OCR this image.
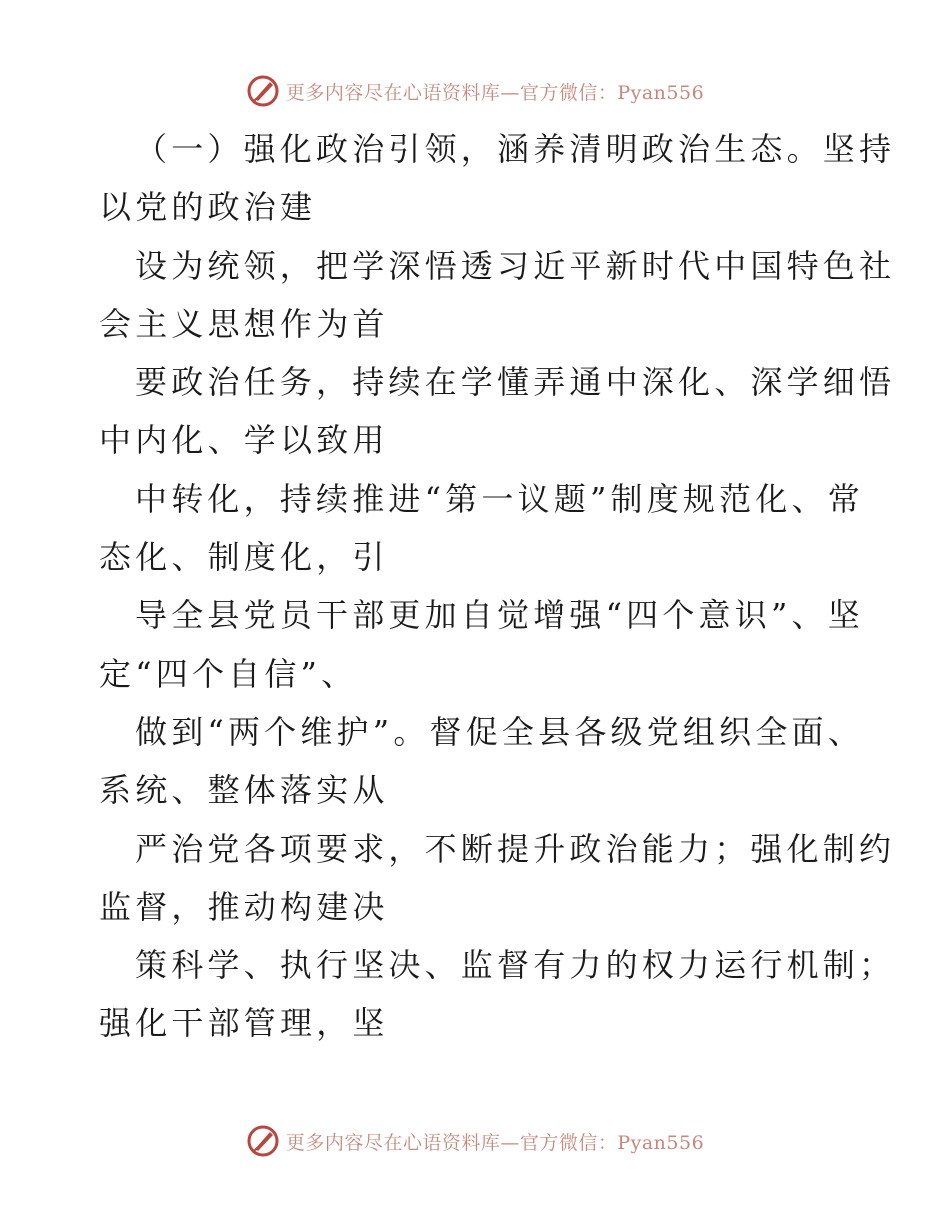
更多内容尽在心语资料库—官方微信：Pyan556
（一）强化政治引领，涵养清明政治生态。坚持
以党的政治建
设为统领，把学深悟透习近平新时代中国特色社
会主义思想作为首
要政治任务，持续在学懂弄通中深化、深学细悟
中内化、学以致用
中转化，持续推进“第一议题”制度规范化、常
态化、制度化，引
导全县党员干部更加自觉增强“四个意识”、坚
定“四个自信”、
做到“两个维护”。督促全县各级党组织全面、
系统、整体落实从
严治党各项要求，不断提升政治能力；强化制约
监督，推动构建决
策科学、执行坚决、监督有力的权力运行机制；
强化干部管理，坚
更多内容尽在心语资料库—官方微信：Pyan556
